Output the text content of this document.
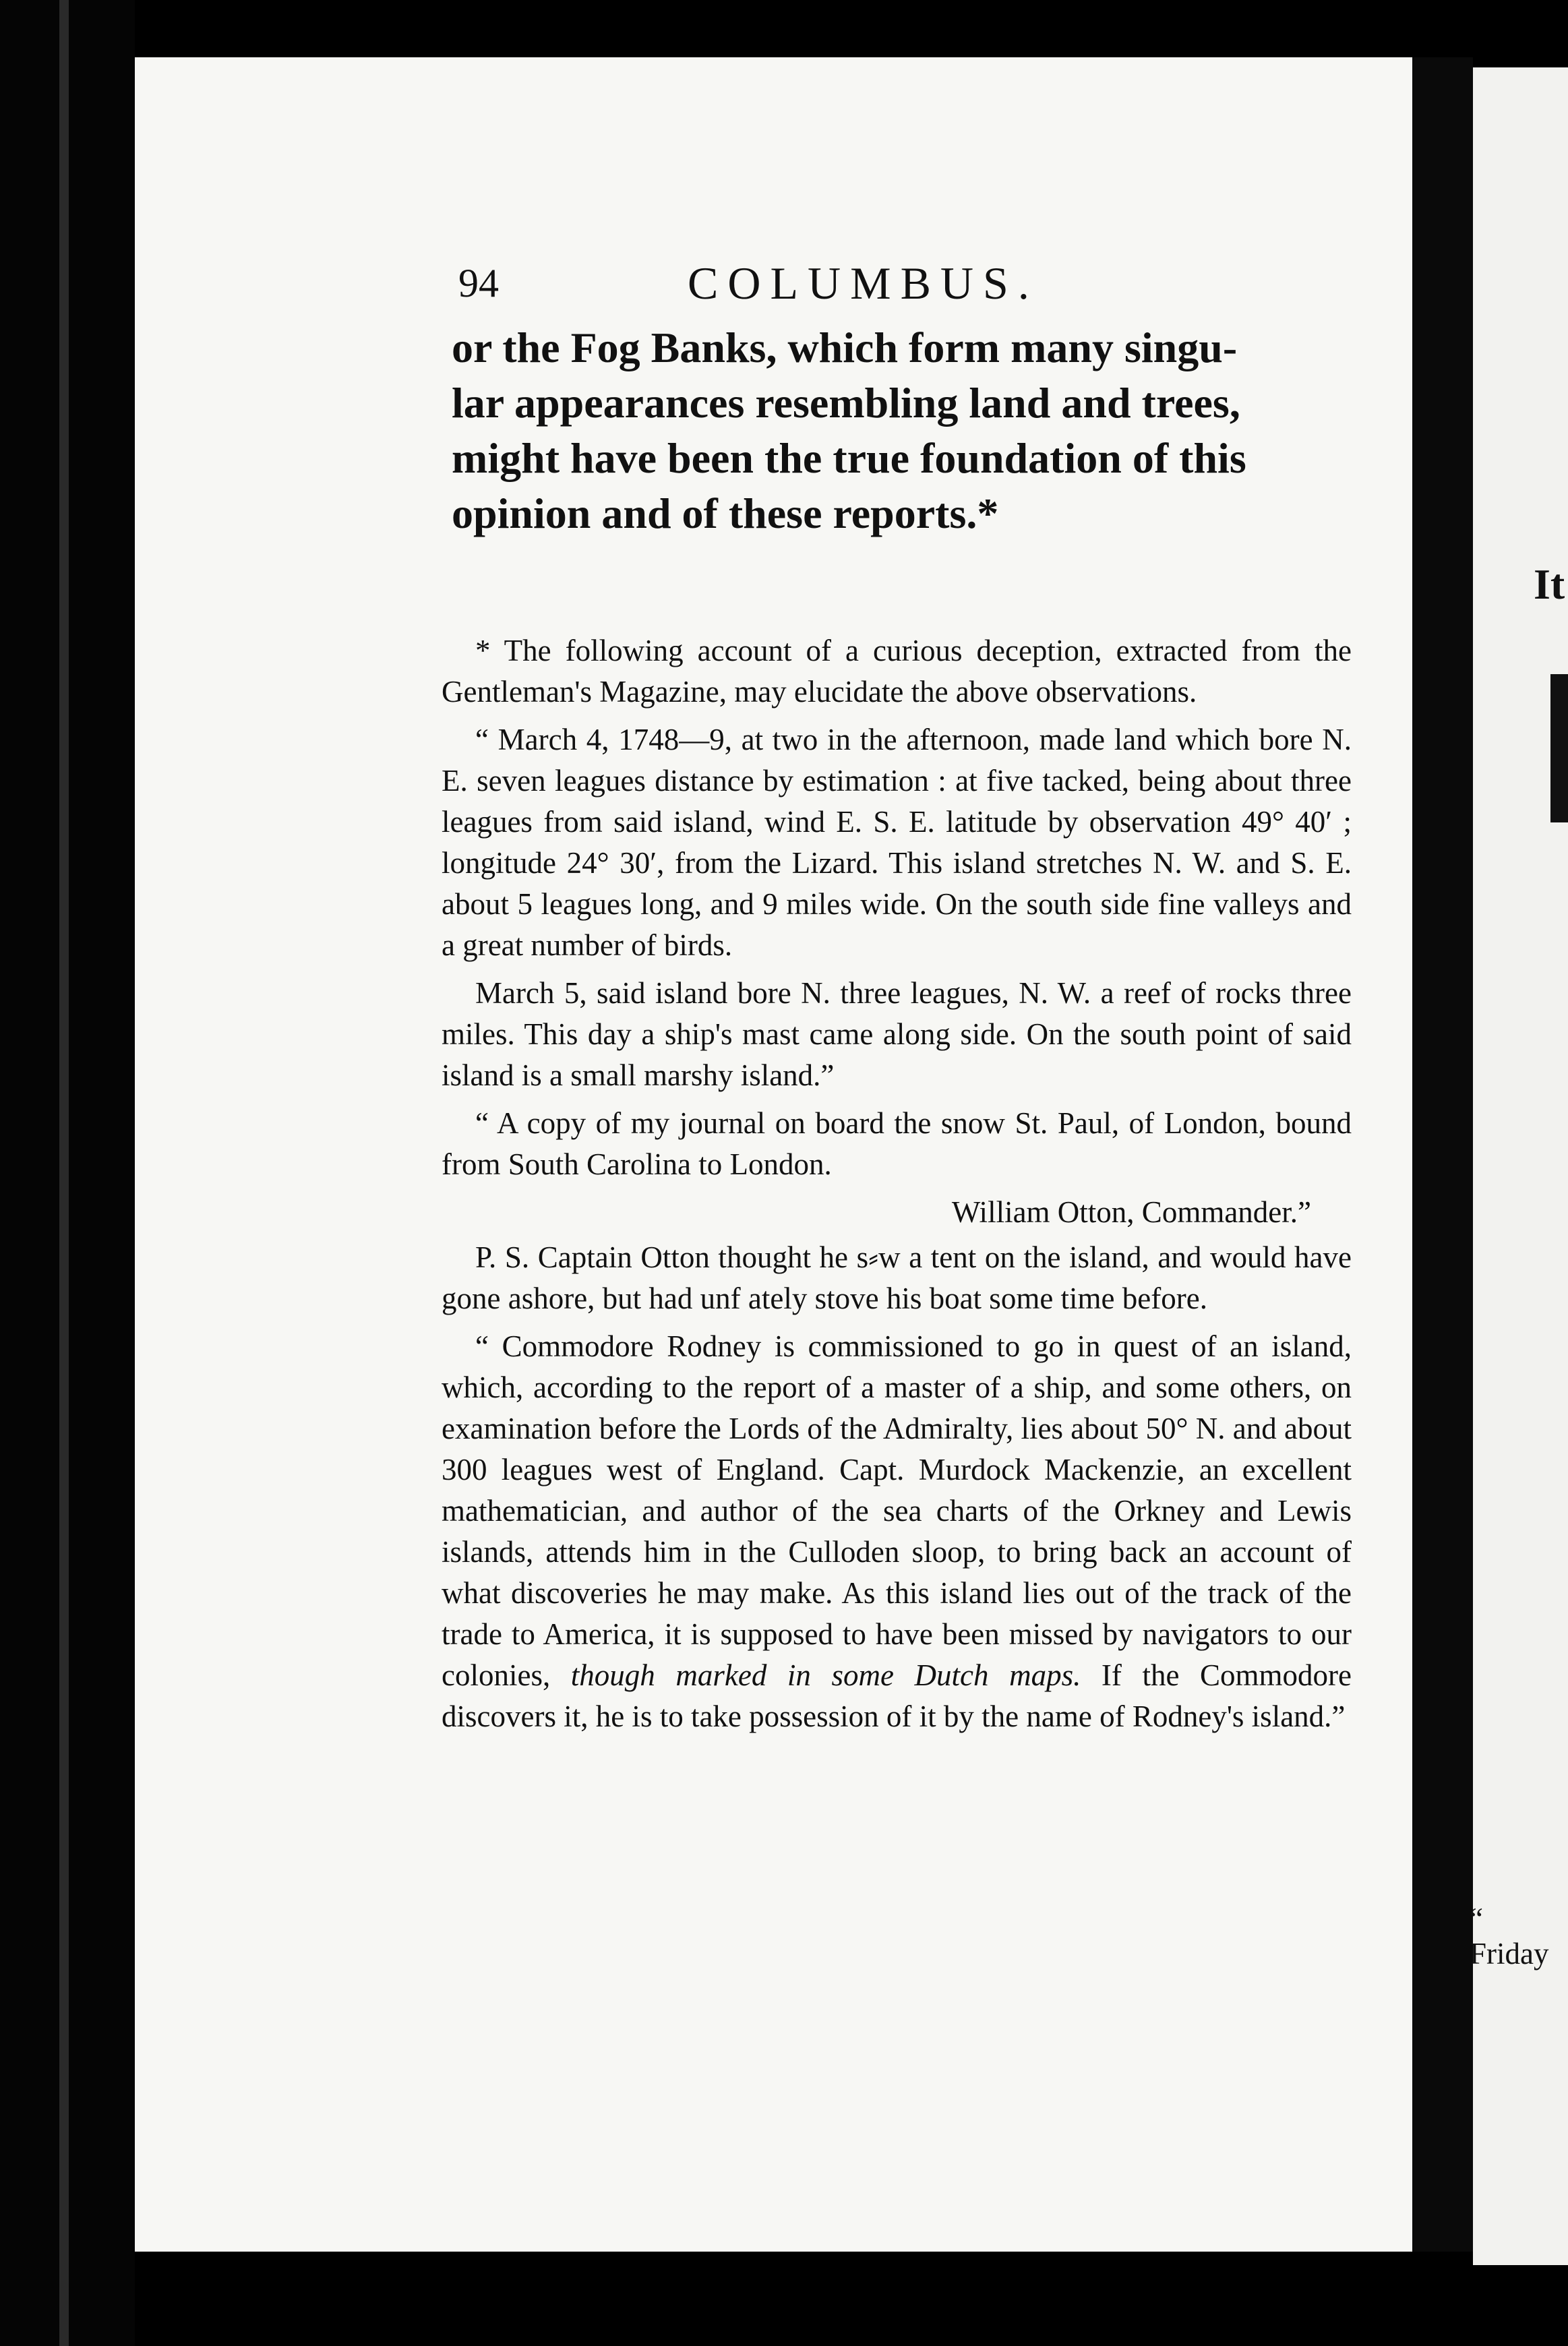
94	COLUMBUS.
or the Fog Banks, which form many singu-
lar appearances resembling land and trees,
might have been the true foundation of this
opinion and of these reports.*
It

* The following account of a curious deception, extracted from the Gentleman's Magazine, may elucidate the above observations.

“ March 4, 1748—9, at two in the afternoon, made land which bore N. E. seven leagues distance by estimation : at five tacked, being about three leagues from said island, wind E. S. E. latitude by observation 49° 40′ ; longitude 24° 30′, from the Lizard. This island stretches N. W. and S. E. about 5 leagues long, and 9 miles wide. On the south side fine valleys and a great number of birds.

March 5, said island bore N. three leagues, N. W. a reef of rocks three miles. This day a ship's mast came along side. On the south point of said island is a small marshy island.”

“ A copy of my journal on board the snow St. Paul, of London, bound from South Carolina to London.

William Otton, Commander.”

P. S. Captain Otton thought he s⸗w a tent on the island, and would have gone ashore, but had unf ately stove his boat some time before.

“ Commodore Rodney is commissioned to go in quest of an island, which, according to the report of a master of a ship, and some others, on examination before the Lords of the Admiralty, lies about 50° N. and about 300 leagues west of England. Capt. Murdock Mackenzie, an excellent mathematician, and author of the sea charts of the Orkney and Lewis islands, attends him in the Culloden sloop, to bring back an account of what discoveries he may make. As this island lies out of the track of the trade to America, it is supposed to have been missed by navigators to our colonies, though marked in some Dutch maps. If the Commodore discovers it, he is to take possession of it by the name of Rodney's island.”

“ Friday
